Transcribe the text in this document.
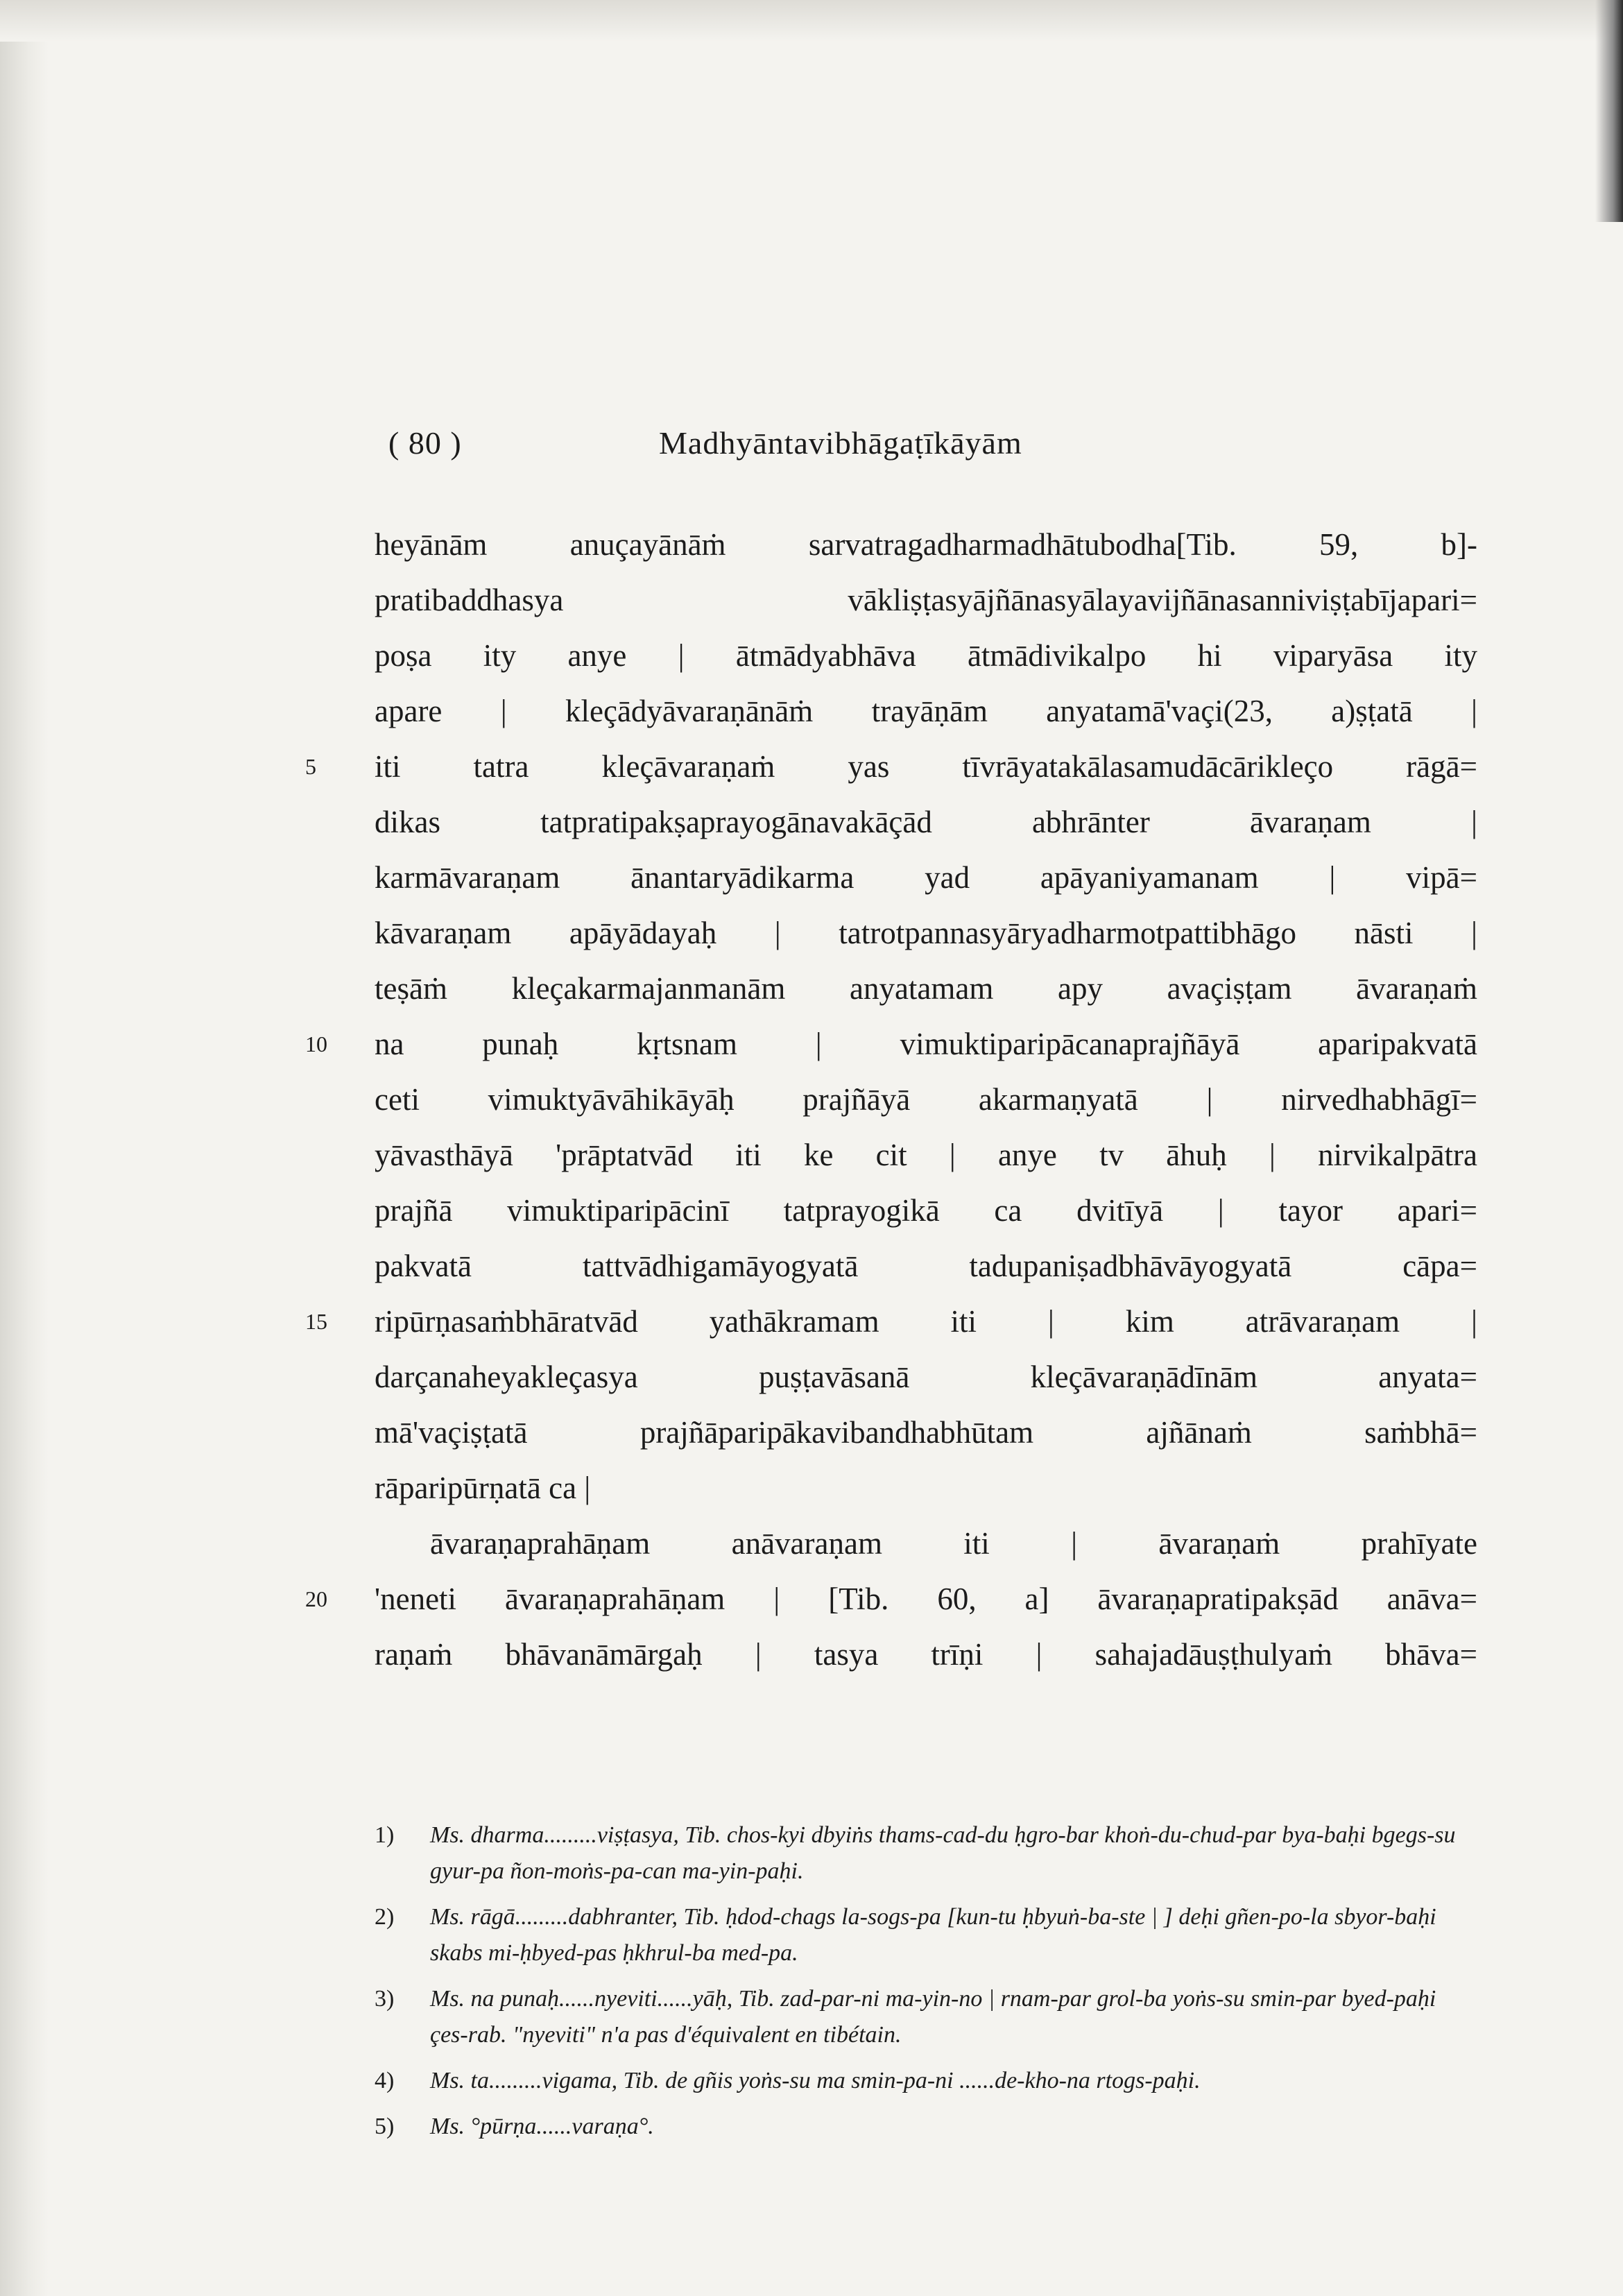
( 80 )	Madhyāntavibhāgaṭīkāyām
5
10
15
20
heyānām anuçayānāṁ sarvatragadharmadhātubodha[Tib. 59, b]-
pratibaddhasya vākliṣṭasyājñānasyālayavijñānasanniviṣṭabījapari=
poṣa ity anye | ātmādyabhāva ātmādivikalpo hi viparyāsa ity
apare | kleçādyāvaraṇānāṁ trayāṇām anyatamā'vaçi(23, a)ṣṭatā |
iti tatra kleçāvaraṇaṁ yas tīvrāyatakālasamudācārikleço rāgā=
dikas tatpratipakṣaprayogānavakāçād abhrānter āvaraṇam |
karmāvaraṇam ānantaryādikarma yad apāyaniyamanam | vipā=
kāvaraṇam apāyādayaḥ | tatrotpannasyāryadharmotpattibhāgo nāsti |
teṣāṁ kleçakarmajanmanām anyatamam apy avaçiṣṭam āvaraṇaṁ
na punaḥ kṛtsnam | vimuktiparipācanaprajñāyā aparipakvatā
ceti vimuktyāvāhikāyāḥ prajñāyā akarmaṇyatā | nirvedhabhāgī=
yāvasthāyā 'prāptatvād iti ke cit | anye tv āhuḥ | nirvikalpātra
prajñā vimuktiparipācinī tatprayogikā ca dvitīyā | tayor apari=
pakvatā tattvādhigamāyogyatā tadupaniṣadbhāvāyogyatā cāpa=
ripūrṇasaṁbhāratvād yathākramam iti | kim atrāvaraṇam |
darçanaheyakleçasya puṣṭavāsanā kleçāvaraṇādīnām anyata=
mā'vaçiṣṭatā prajñāparipākavibandhabhūtam ajñānaṁ saṁbhā=
rāparipūrṇatā ca |
āvaraṇaprahāṇam anāvaraṇam iti | āvaraṇaṁ prahīyate
'neneti āvaraṇaprahāṇam | [Tib. 60, a] āvaraṇapratipakṣād anāva=
raṇaṁ bhāvanāmārgaḥ | tasya trīṇi | sahajadāuṣṭhulyaṁ bhāva=
1)	Ms. dharma.........viṣṭasya, Tib. chos-kyi dbyiṅs thams-cad-du ḥgro-bar khoṅ-du-chud-par bya-baḥi bgegs-su gyur-pa ñon-moṅs-pa-can ma-yin-paḥi.
2)	Ms. rāgā.........dabhranter, Tib. ḥdod-chags la-sogs-pa [kun-tu ḥbyuṅ-ba-ste | ] deḥi gñen-po-la sbyor-baḥi skabs mi-ḥbyed-pas ḥkhrul-ba med-pa.
3)	Ms. na punaḥ......nyeviti......yāḥ, Tib. zad-par-ni ma-yin-no | rnam-par grol-ba yoṅs-su smin-par byed-paḥi çes-rab. "nyeviti" n'a pas d'équivalent en tibétain.
4)	Ms. ta.........vigama, Tib. de gñis yoṅs-su ma smin-pa-ni ......de-kho-na rtogs-paḥi.
5)	Ms. °pūrṇa......varaṇa°.
